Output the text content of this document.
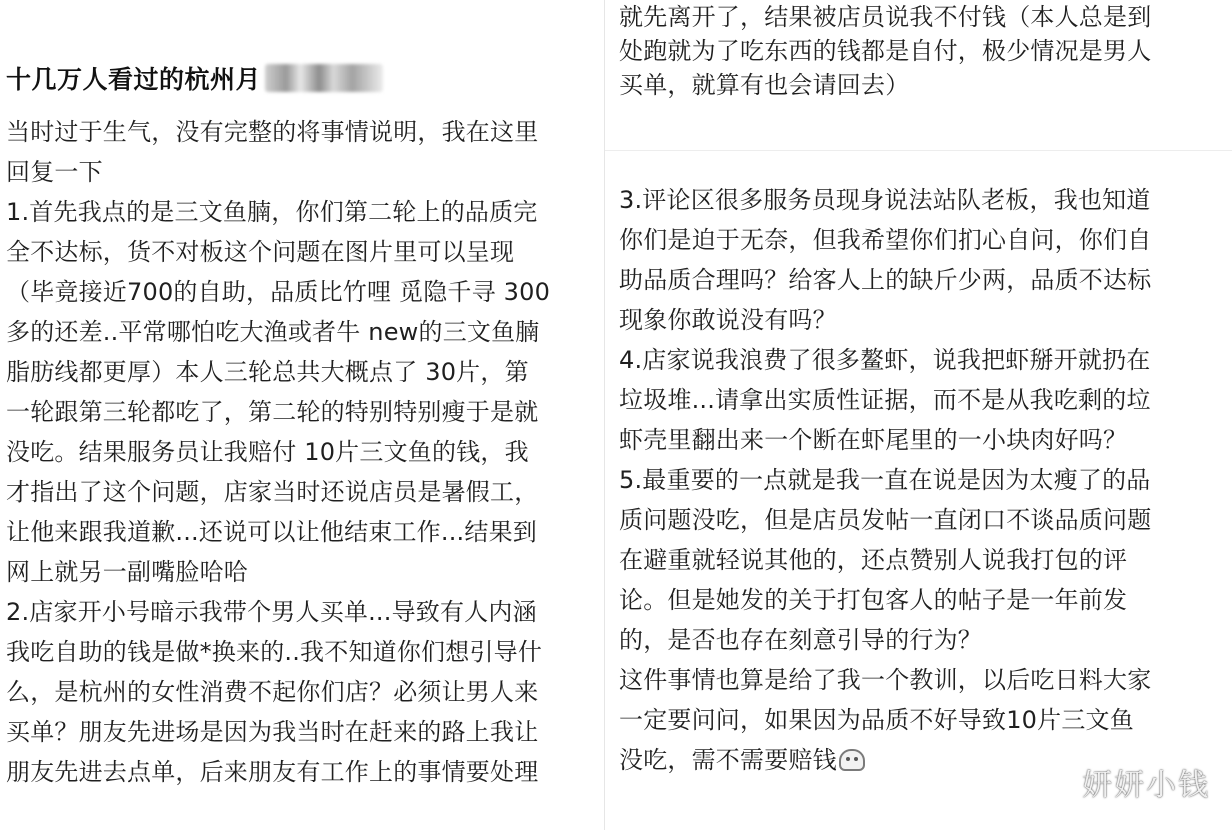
十几万人看过的杭州月
当时过于生气，没有完整的将事情说明，我在这里
回复一下
1.首先我点的是三文鱼腩，你们第二轮上的品质完
全不达标，货不对板这个问题在图片里可以呈现
（毕竟接近700的自助，品质比竹哩 觅隐千寻 300
多的还差..平常哪怕吃大渔或者牛 new的三文鱼腩
脂肪线都更厚）本人三轮总共大概点了 30片，第
一轮跟第三轮都吃了，第二轮的特别特别瘦于是就
没吃。结果服务员让我赔付 10片三文鱼的钱，我
才指出了这个问题，店家当时还说店员是暑假工，
让他来跟我道歉...还说可以让他结束工作...结果到
网上就另一副嘴脸哈哈
2.店家开小号暗示我带个男人买单...导致有人内涵
我吃自助的钱是做*换来的..我不知道你们想引导什
么，是杭州的女性消费不起你们店？必须让男人来
买单？朋友先进场是因为我当时在赶来的路上我让
朋友先进去点单，后来朋友有工作上的事情要处理
就先离开了，结果被店员说我不付钱（本人总是到
处跑就为了吃东西的钱都是自付，极少情况是男人
买单，就算有也会请回去）
3.评论区很多服务员现身说法站队老板，我也知道
你们是迫于无奈，但我希望你们扪心自问，你们自
助品质合理吗？给客人上的缺斤少两，品质不达标
现象你敢说没有吗？
4.店家说我浪费了很多鳌虾，说我把虾掰开就扔在
垃圾堆...请拿出实质性证据，而不是从我吃剩的垃
虾壳里翻出来一个断在虾尾里的一小块肉好吗？
5.最重要的一点就是我一直在说是因为太瘦了的品
质问题没吃，但是店员发帖一直闭口不谈品质问题
在避重就轻说其他的，还点赞别人说我打包的评
论。但是她发的关于打包客人的帖子是一年前发
的，是否也存在刻意引导的行为？
这件事情也算是给了我一个教训，以后吃日料大家
一定要问问，如果因为品质不好导致10片三文鱼
没吃，需不需要赔钱
妍妍小钱
